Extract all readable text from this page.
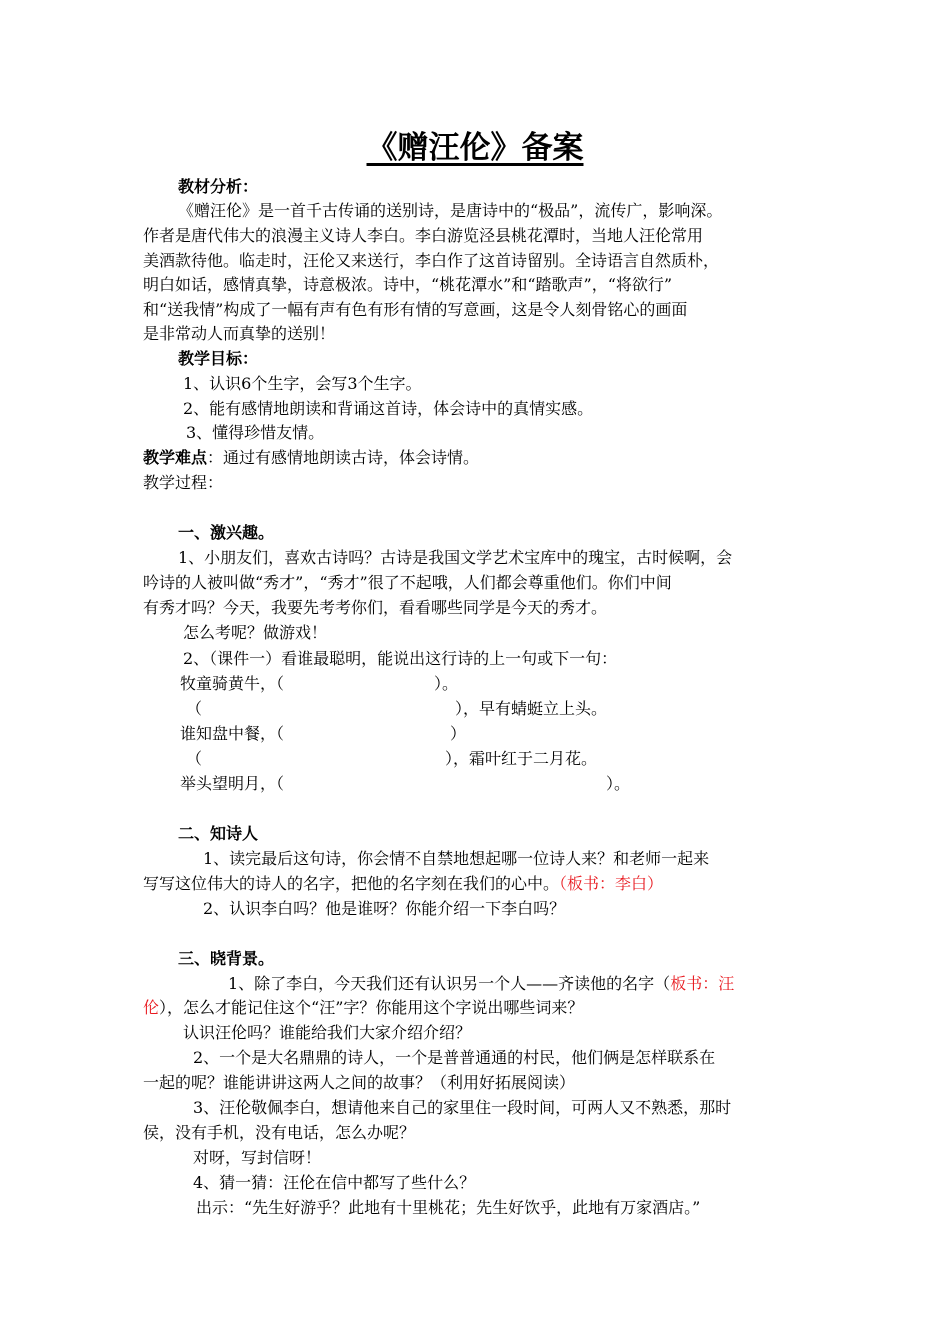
《赠汪伦》备案
教材分析：
《赠汪伦》是一首千古传诵的送别诗，是唐诗中的“极品”，流传广，影响深。
作者是唐代伟大的浪漫主义诗人李白。李白游览泾县桃花潭时，当地人汪伦常用
美酒款待他。临走时，汪伦又来送行，李白作了这首诗留别。全诗语言自然质朴，
明白如话，感情真挚，诗意极浓。诗中，“桃花潭水”和“踏歌声”，“将欲行”
和“送我情”构成了一幅有声有色有形有情的写意画，这是令人刻骨铭心的画面
是非常动人而真挚的送别！
教学目标：
1、认识6个生字，会写3个生字。
2、能有感情地朗读和背诵这首诗，体会诗中的真情实感。
3、懂得珍惜友情。
教学难点：通过有感情地朗读古诗，体会诗情。
教学过程：
一、激兴趣。
1、小朋友们，喜欢古诗吗？古诗是我国文学艺术宝库中的瑰宝，古时候啊，会
吟诗的人被叫做“秀才”，“秀才”很了不起哦，人们都会尊重他们。你们中间
有秀才吗？今天，我要先考考你们，看看哪些同学是今天的秀才。
怎么考呢？做游戏！
2、（课件一）看谁最聪明，能说出这行诗的上一句或下一句：
牧童骑黄牛，（	）。
（	），早有蜻蜓立上头。
谁知盘中餐，（	）
（	），霜叶红于二月花。
举头望明月，（	）。
二、知诗人
1、读完最后这句诗，你会情不自禁地想起哪一位诗人来？和老师一起来
写写这位伟大的诗人的名字，把他的名字刻在我们的心中。（板书：李白）
2、认识李白吗？他是谁呀？你能介绍一下李白吗？
三、晓背景。
1、除了李白，今天我们还有认识另一个人——齐读他的名字（板书：汪
伦），怎么才能记住这个“汪”字？你能用这个字说出哪些词来？
认识汪伦吗？谁能给我们大家介绍介绍？
2、一个是大名鼎鼎的诗人，一个是普普通通的村民，他们俩是怎样联系在
一起的呢？谁能讲讲这两人之间的故事？（利用好拓展阅读）
3、汪伦敬佩李白，想请他来自己的家里住一段时间，可两人又不熟悉，那时
侯，没有手机，没有电话，怎么办呢？
对呀，写封信呀！
4、猜一猜：汪伦在信中都写了些什么？
出示：“先生好游乎？此地有十里桃花；先生好饮乎，此地有万家酒店。”
